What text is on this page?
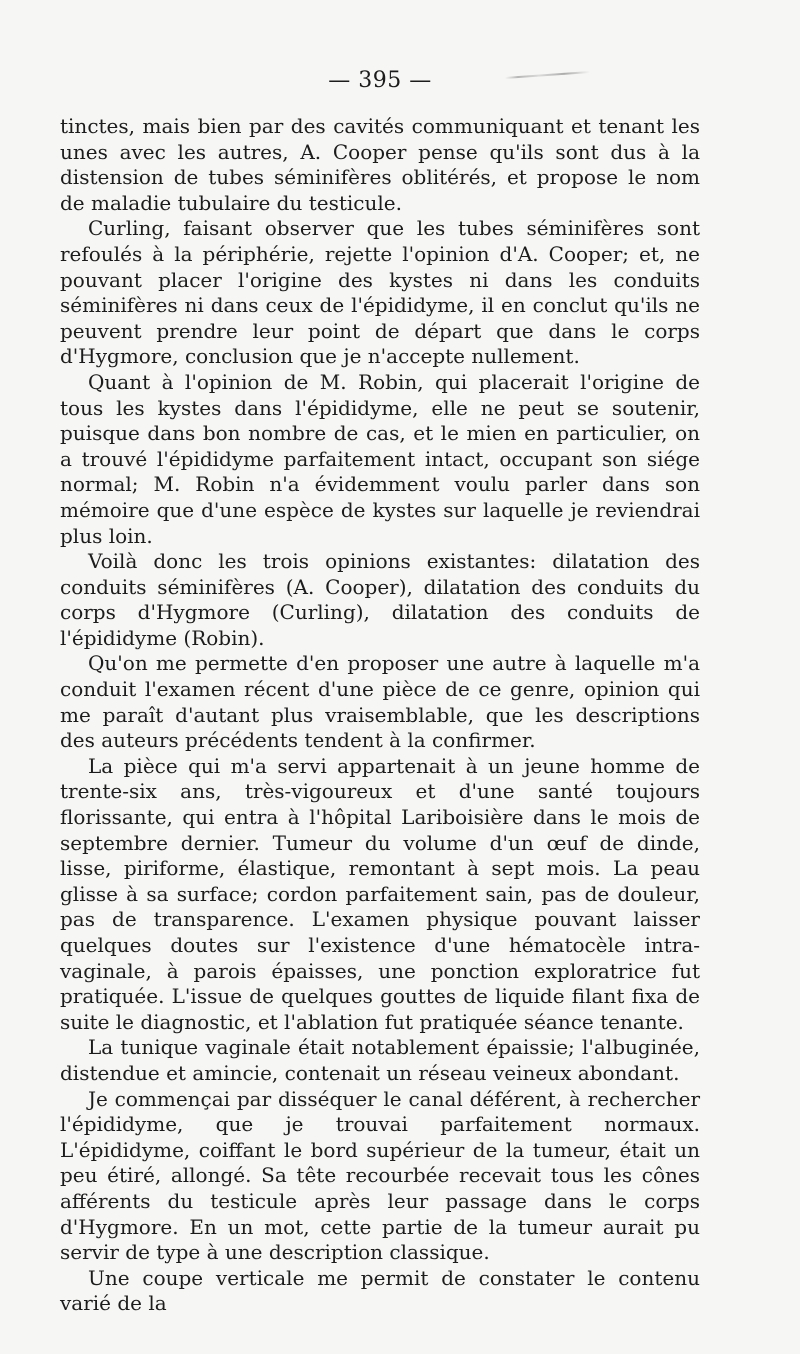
— 395 —

tinctes, mais bien par des cavités communiquant et tenant les unes avec les autres, A. Cooper pense qu'ils sont dus à la distension de tubes séminifères oblitérés, et propose le nom de maladie tubulaire du testicule.

Curling, faisant observer que les tubes séminifères sont refoulés à la périphérie, rejette l'opinion d'A. Cooper; et, ne pouvant placer l'origine des kystes ni dans les conduits séminifères ni dans ceux de l'épididyme, il en conclut qu'ils ne peuvent prendre leur point de départ que dans le corps d'Hygmore, conclusion que je n'accepte nullement.

Quant à l'opinion de M. Robin, qui placerait l'origine de tous les kystes dans l'épididyme, elle ne peut se soutenir, puisque dans bon nombre de cas, et le mien en particulier, on a trouvé l'épididyme parfaitement intact, occupant son siége normal; M. Robin n'a évidemment voulu parler dans son mémoire que d'une espèce de kystes sur laquelle je reviendrai plus loin.

Voilà donc les trois opinions existantes: dilatation des conduits séminifères (A. Cooper), dilatation des conduits du corps d'Hygmore (Curling), dilatation des conduits de l'épididyme (Robin).

Qu'on me permette d'en proposer une autre à laquelle m'a conduit l'examen récent d'une pièce de ce genre, opinion qui me paraît d'autant plus vraisemblable, que les descriptions des auteurs précédents tendent à la confirmer.

La pièce qui m'a servi appartenait à un jeune homme de trente-six ans, très-vigoureux et d'une santé toujours florissante, qui entra à l'hôpital Lariboisière dans le mois de septembre dernier. Tumeur du volume d'un œuf de dinde, lisse, piriforme, élastique, remontant à sept mois. La peau glisse à sa surface; cordon parfaitement sain, pas de douleur, pas de transparence. L'examen physique pouvant laisser quelques doutes sur l'existence d'une hématocèle intra-vaginale, à parois épaisses, une ponction exploratrice fut pratiquée. L'issue de quelques gouttes de liquide filant fixa de suite le diagnostic, et l'ablation fut pratiquée séance tenante.

La tunique vaginale était notablement épaissie; l'albuginée, distendue et amincie, contenait un réseau veineux abondant.

Je commençai par disséquer le canal déférent, à rechercher l'épididyme, que je trouvai parfaitement normaux. L'épididyme, coiffant le bord supérieur de la tumeur, était un peu étiré, allongé. Sa tête recourbée recevait tous les cônes afférents du testicule après leur passage dans le corps d'Hygmore. En un mot, cette partie de la tumeur aurait pu servir de type à une description classique.

Une coupe verticale me permit de constater le contenu varié de la
